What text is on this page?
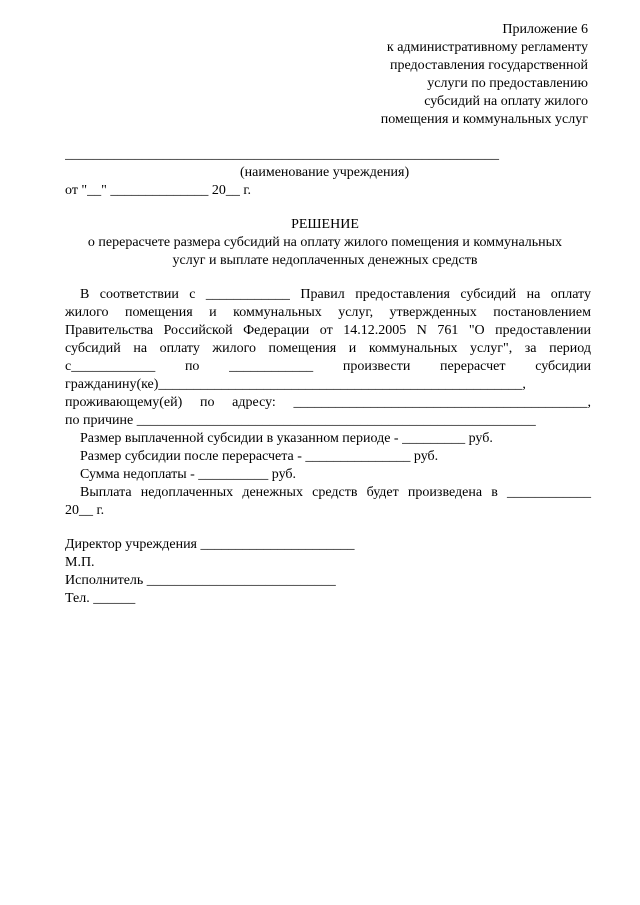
Приложение 6
к административному регламенту
предоставления государственной
услуги по предоставлению
субсидий на оплату жилого
помещения и коммунальных услуг
______________________________________________________________
(наименование учреждения)
от "__" ______________ 20__ г.
РЕШЕНИЕ
о перерасчете размера субсидий на оплату жилого помещения и коммунальных
услуг и выплате недоплаченных денежных средств
В соответствии с ____________ Правил предоставления субсидий на оплату
жилого помещения и коммунальных услуг, утвержденных постановлением
Правительства Российской Федерации от 14.12.2005 N 761 "О предоставлении
субсидий на оплату жилого помещения и коммунальных услуг", за период
с____________ по ____________ произвести перерасчет субсидии
гражданину(ке)____________________________________________________,
проживающему(ей) по адресу: __________________________________________,
по причине _________________________________________________________
Размер выплаченной субсидии в указанном периоде - _________ руб.
Размер субсидии после перерасчета - _______________ руб.
Сумма недоплаты - __________ руб.
Выплата недоплаченных денежных средств будет произведена в ____________
20__ г.
Директор учреждения ______________________
М.П.
Исполнитель ___________________________
Тел. ______
